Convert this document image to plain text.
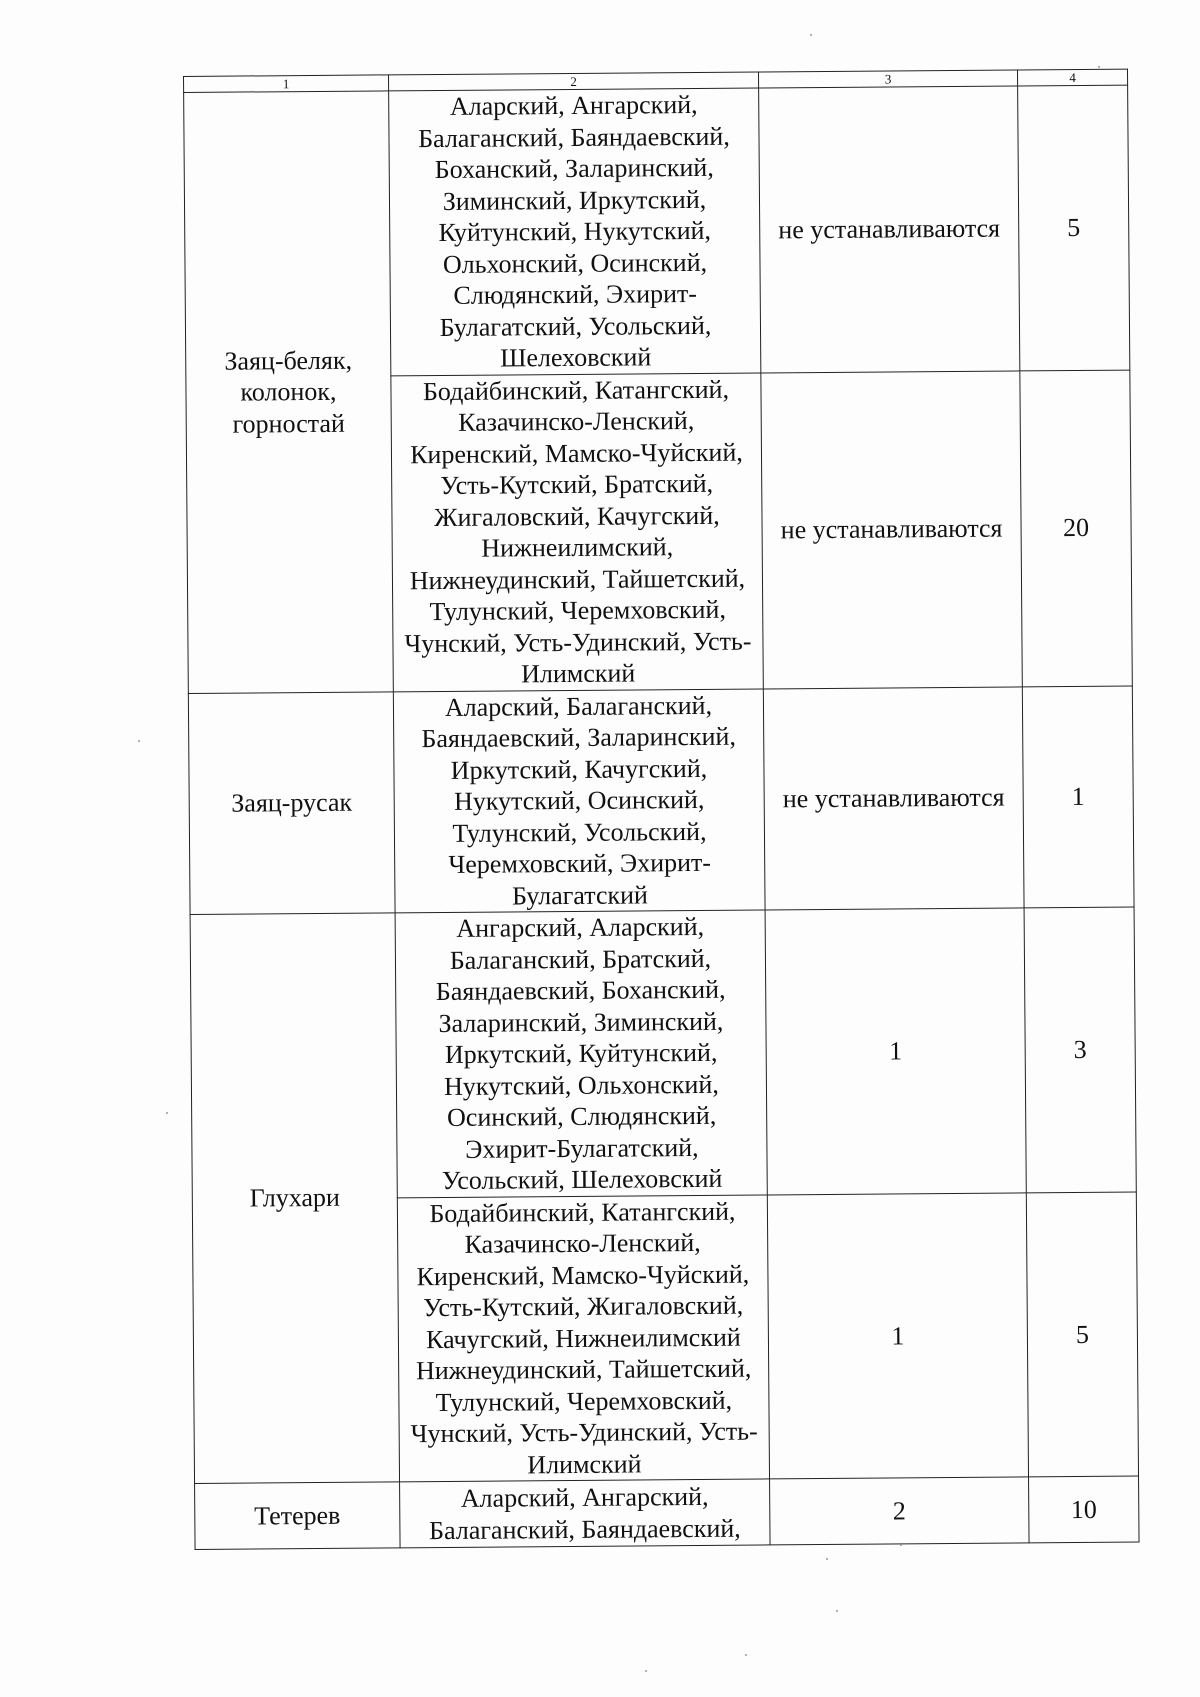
1	2	3	4

Заяц-беляк, колонок, горностай	Аларский, Ангарский, Балаганский, Баяндаевский, Боханский, Заларинский, Зиминский, Иркутский, Куйтунский, Нукутский, Ольхонский, Осинский, Слюдянский, Эхирит-Булагатский, Усольский, Шелеховский	не устанавливаются	5

	Бодайбинский, Катангский, Казачинско-Ленский, Киренский, Мамско-Чуйский, Усть-Кутский, Братский, Жигаловский, Качугский, Нижнеилимский, Нижнеудинский, Тайшетский, Тулунский, Черемховский, Чунский, Усть-Удинский, Усть-Илимский	не устанавливаются	20

Заяц-русак	Аларский, Балаганский, Баяндаевский, Заларинский, Иркутский, Качугский, Нукутский, Осинский, Тулунский, Усольский, Черемховский, Эхирит-Булагатский	не устанавливаются	1

Глухари	Ангарский, Аларский, Балаганский, Братский, Баяндаевский, Боханский, Заларинский, Зиминский, Иркутский, Куйтунский, Нукутский, Ольхонский, Осинский, Слюдянский, Эхирит-Булагатский, Усольский, Шелеховский	1	3

	Бодайбинский, Катангский, Казачинско-Ленский, Киренский, Мамско-Чуйский, Усть-Кутский, Жигаловский, Качугский, Нижнеилимский Нижнеудинский, Тайшетский, Тулунский, Черемховский, Чунский, Усть-Удинский, Усть-Илимский	1	5

Тетерев	Аларский, Ангарский, Балаганский, Баяндаевский,	2	10
